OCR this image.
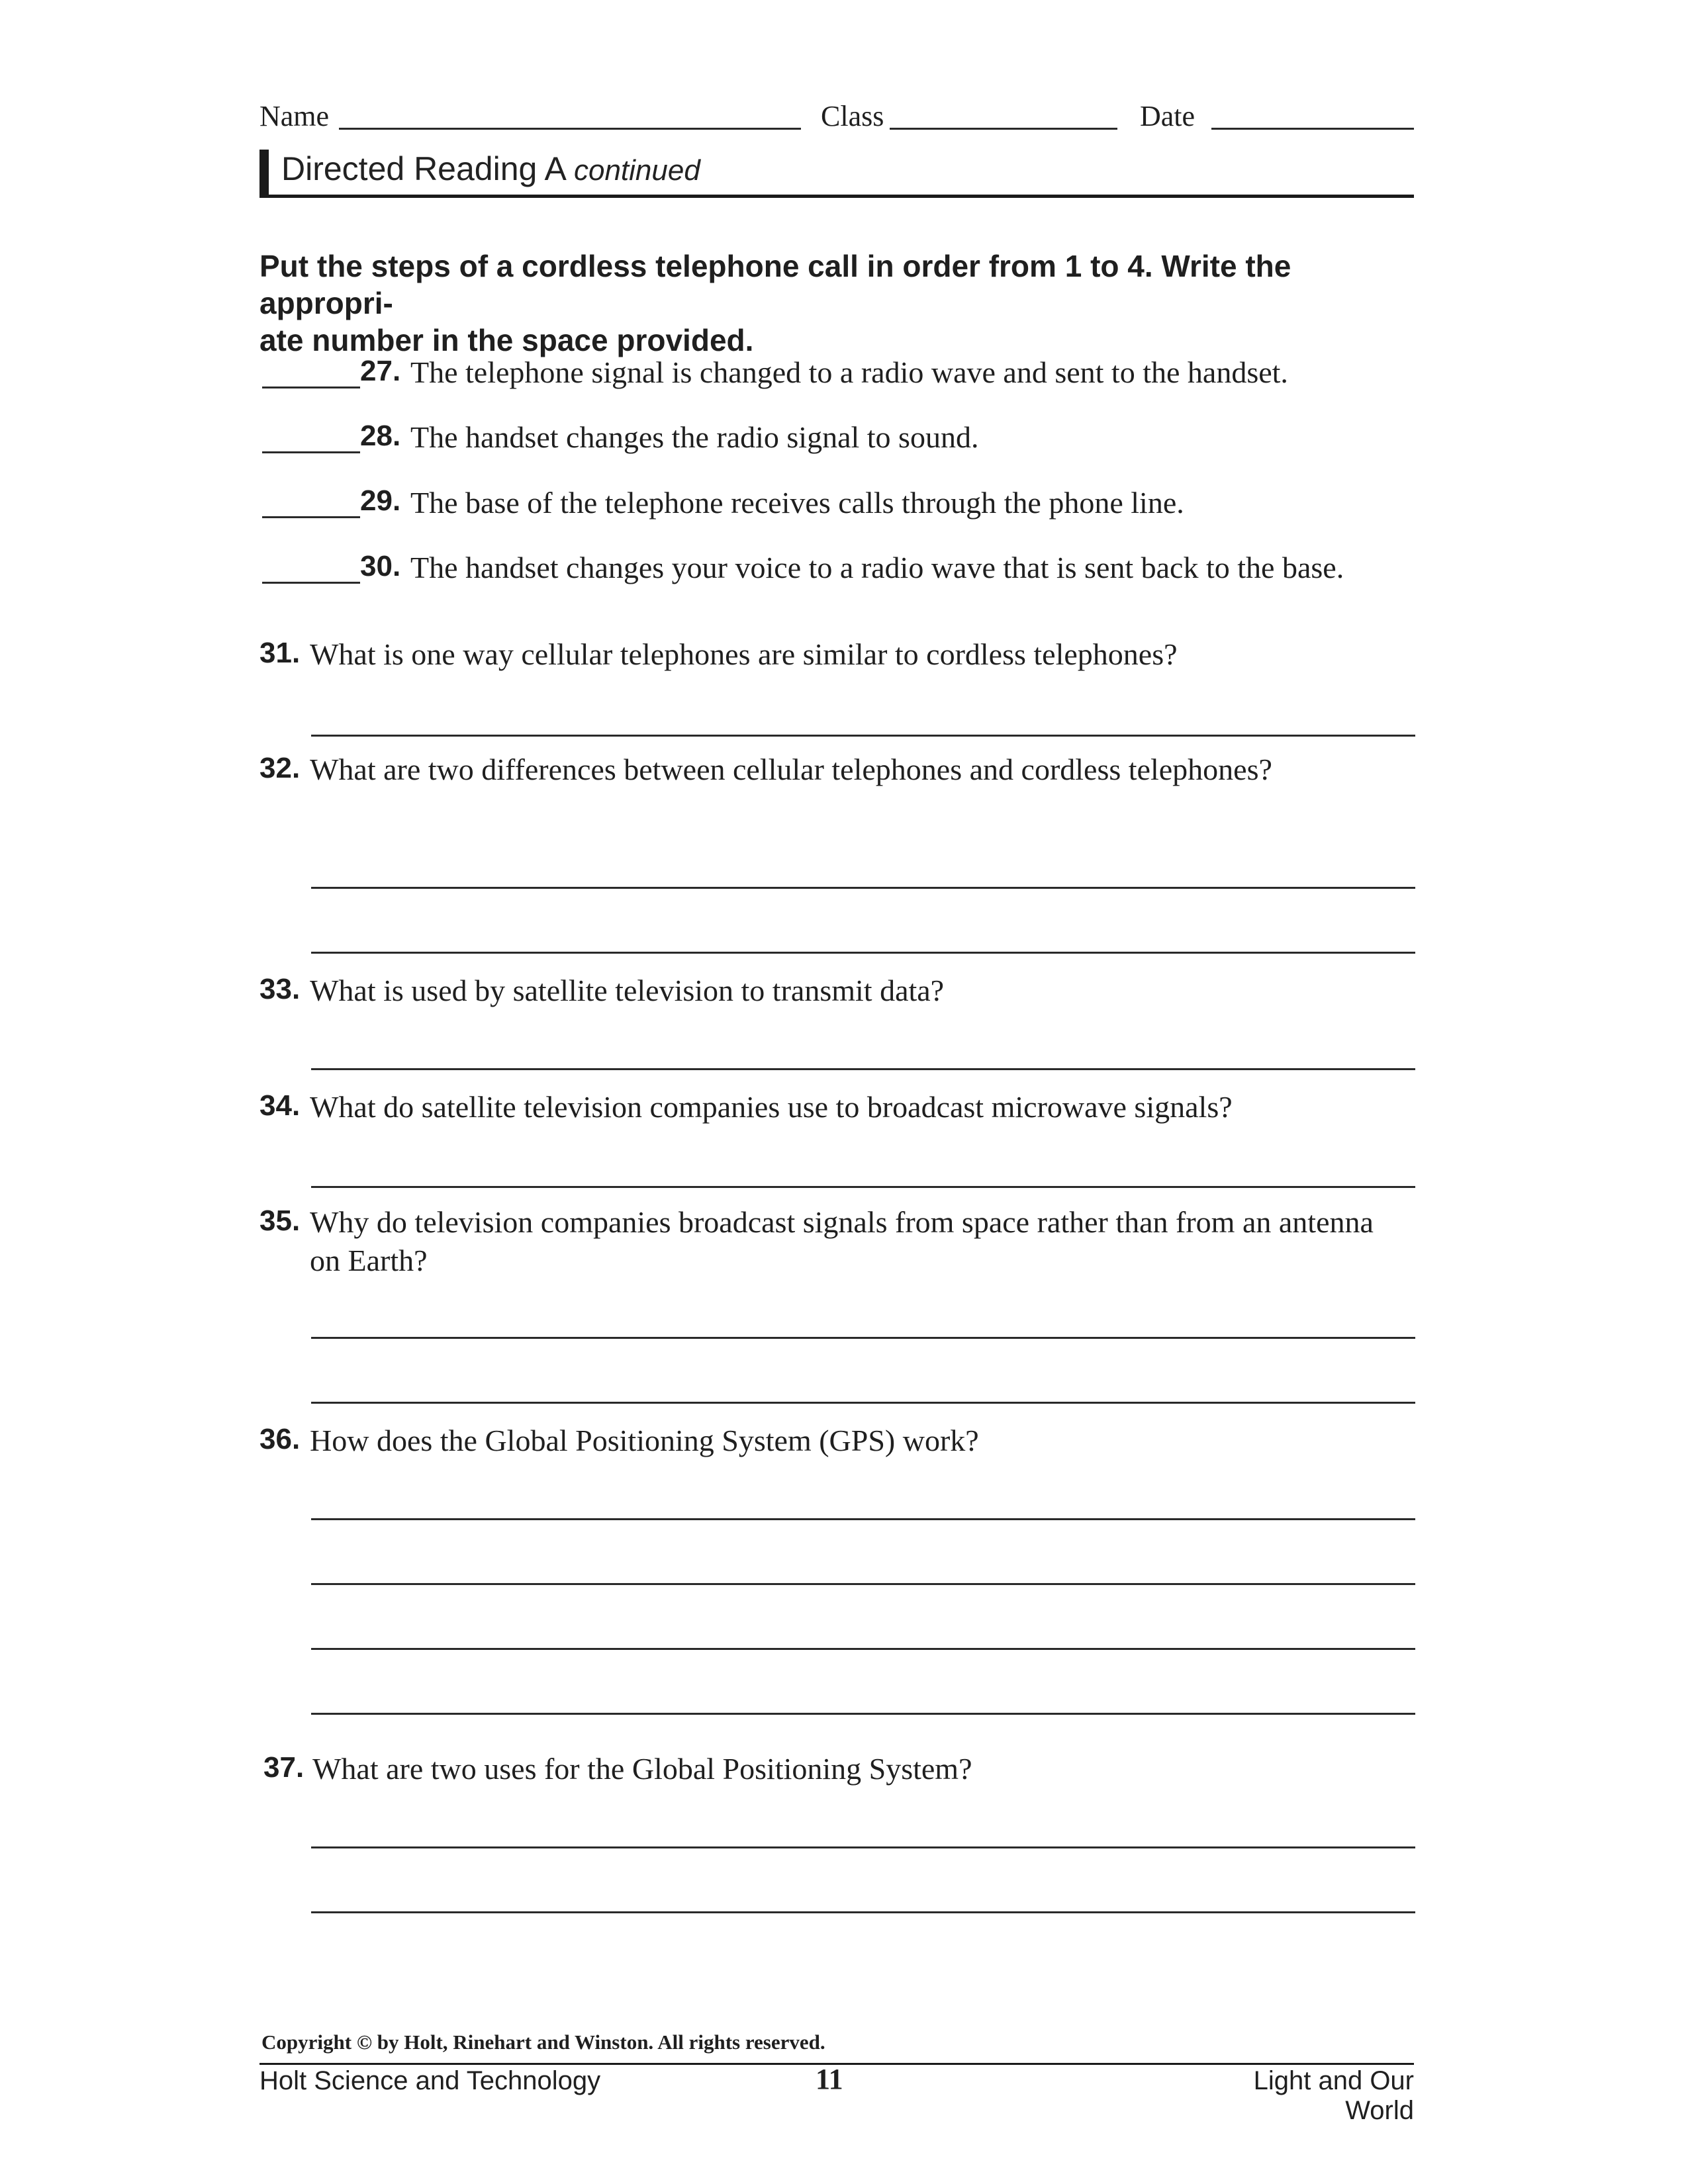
Name	Class	Date
Directed Reading A continued
Put the steps of a cordless telephone call in order from 1 to 4. Write the appropri-
ate number in the space provided.
27. The telephone signal is changed to a radio wave and sent to the handset.
28. The handset changes the radio signal to sound.
29. The base of the telephone receives calls through the phone line.
30. The handset changes your voice to a radio wave that is sent back to the base.
31. What is one way cellular telephones are similar to cordless telephones?
32. What are two differences between cellular telephones and cordless telephones?
33. What is used by satellite television to transmit data?
34. What do satellite television companies use to broadcast microwave signals?
35. Why do television companies broadcast signals from space rather than from an antenna on Earth?
36. How does the Global Positioning System (GPS) work?
37. What are two uses for the Global Positioning System?
Copyright © by Holt, Rinehart and Winston. All rights reserved.
Holt Science and Technology	11	Light and Our World
